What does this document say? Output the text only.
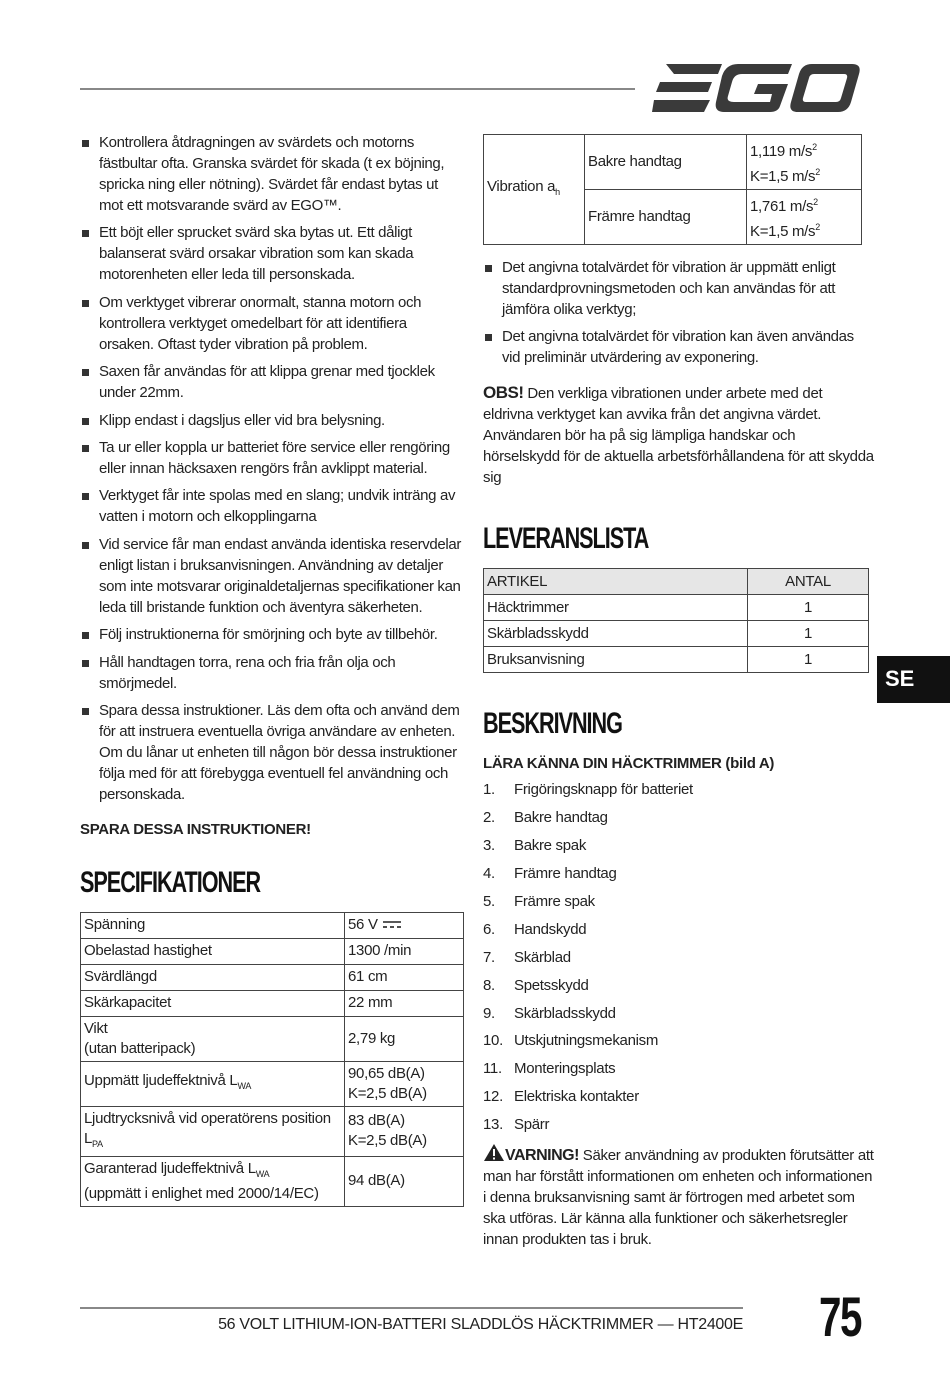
EGO
Kontrollera åtdragningen av svärdets och motorns fästbultar ofta. Granska svärdet för skada (t ex böjning, spricka ning eller nötning). Svärdet får endast bytas ut mot ett motsvarande svärd av EGO™.
Ett böjt eller sprucket svärd ska bytas ut. Ett dåligt balanserat svärd orsakar vibration som kan skada motorenheten eller leda till personskada.
Om verktyget vibrerar onormalt, stanna motorn och kontrollera verktyget omedelbart för att identifiera orsaken. Oftast tyder vibration på problem.
Saxen får användas för att klippa grenar med tjocklek under 22mm.
Klipp endast i dagsljus eller vid bra belysning.
Ta ur eller koppla ur batteriet före service eller rengöring eller innan häcksaxen rengörs från avklippt material.
Verktyget får inte spolas med en slang; undvik inträng av vatten i motorn och elkopplingarna
Vid service får man endast använda identiska reservdelar enligt listan i bruksanvisningen. Användning av detaljer som inte motsvarar originaldetaljernas specifikationer kan leda till bristande funktion och äventyra säkerheten.
Följ instruktionerna för smörjning och byte av tillbehör.
Håll handtagen torra, rena och fria från olja och smörjmedel.
Spara dessa instruktioner. Läs dem ofta och använd dem för att instruera eventuella övriga användare av enheten. Om du lånar ut enheten till någon bör dessa instruktioner följa med för att förebygga eventuell fel användning och personskada.
SPARA DESSA INSTRUKTIONER!
SPECIFIKATIONER
Spänning	56 V
Obelastad hastighet	1300 /min
Svärdlängd	61 cm
Skärkapacitet	22 mm
Vikt
(utan batteripack)	2,79 kg
Uppmätt ljudeffektnivå $L_{WA}$	90,65 dB(A)
K=2,5 dB(A)
Ljudtrycksnivå vid operatörens position $L_{PA}$	83 dB(A)
K=2,5 dB(A)
Garanterad ljudeffektnivå $L_{WA}$
(uppmätt i enlighet med 2000/14/EC)	94 dB(A)
Vibration $a_h$	Bakre handtag	1,119 $m/s^2$
K=1,5 $m/s^2$
	Främre handtag	1,761 $m/s^2$
K=1,5 $m/s^2$
Det angivna totalvärdet för vibration är uppmätt enligt standardprovningsmetoden och kan användas för att jämföra olika verktyg;
Det angivna totalvärdet för vibration kan även användas vid preliminär utvärdering av exponering.

OBS! Den verkliga vibrationen under arbete med det eldrivna verktyget kan avvika från det angivna värdet. Användaren bör ha på sig lämpliga handskar och hörselskydd för de aktuella arbetsförhållandena för att skydda sig

LEVERANSLISTA
ARTIKEL	ANTAL
Häcktrimmer	1
Skärbladsskydd	1
Bruksanvisning	1
BESKRIVNING
LÄRA KÄNNA DIN HÄCKTRIMMER (bild A)
1. Frigöringsknapp för batteriet
2. Bakre handtag
3. Bakre spak
4. Främre handtag
5. Främre spak
6. Handskydd
7. Skärblad
8. Spetsskydd
9. Skärbladsskydd
10. Utskjutningsmekanism
11. Monteringsplats
12. Elektriska kontakter
13. Spärr

VARNING! Säker användning av produkten förutsätter att man har förstått informationen om enheten och informationen i denna bruksanvisning samt är förtrogen med arbetet som ska utföras. Lär känna alla funktioner och säkerhetsregler innan produkten tas i bruk.

SE
56 VOLT LITHIUM-ION-BATTERI SLADDLÖS HÄCKTRIMMER — HT2400E 75
